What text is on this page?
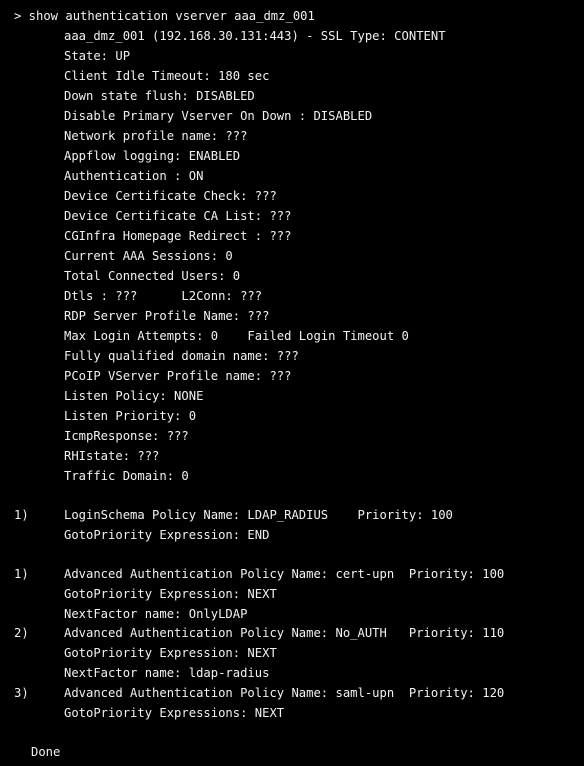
> show authentication vserver aaa_dmz_001
aaa_dmz_001 (192.168.30.131:443) - SSL Type: CONTENT
State: UP
Client Idle Timeout: 180 sec
Down state flush: DISABLED
Disable Primary Vserver On Down : DISABLED
Network profile name: ???
Appflow logging: ENABLED
Authentication : ON
Device Certificate Check: ???
Device Certificate CA List: ???
CGInfra Homepage Redirect : ???
Current AAA Sessions: 0
Total Connected Users: 0
Dtls : ???      L2Conn: ???
RDP Server Profile Name: ???
Max Login Attempts: 0    Failed Login Timeout 0
Fully qualified domain name: ???
PCoIP VServer Profile name: ???
Listen Policy: NONE
Listen Priority: 0
IcmpResponse: ???
RHIstate: ???
Traffic Domain: 0
1)	LoginSchema Policy Name: LDAP_RADIUS    Priority: 100
GotoPriority Expression: END
1)	Advanced Authentication Policy Name: cert-upn  Priority: 100
GotoPriority Expression: NEXT
NextFactor name: OnlyLDAP
2)	Advanced Authentication Policy Name: No_AUTH   Priority: 110
GotoPriority Expression: NEXT
NextFactor name: ldap-radius
3)	Advanced Authentication Policy Name: saml-upn  Priority: 120
GotoPriority Expressions: NEXT
Done
